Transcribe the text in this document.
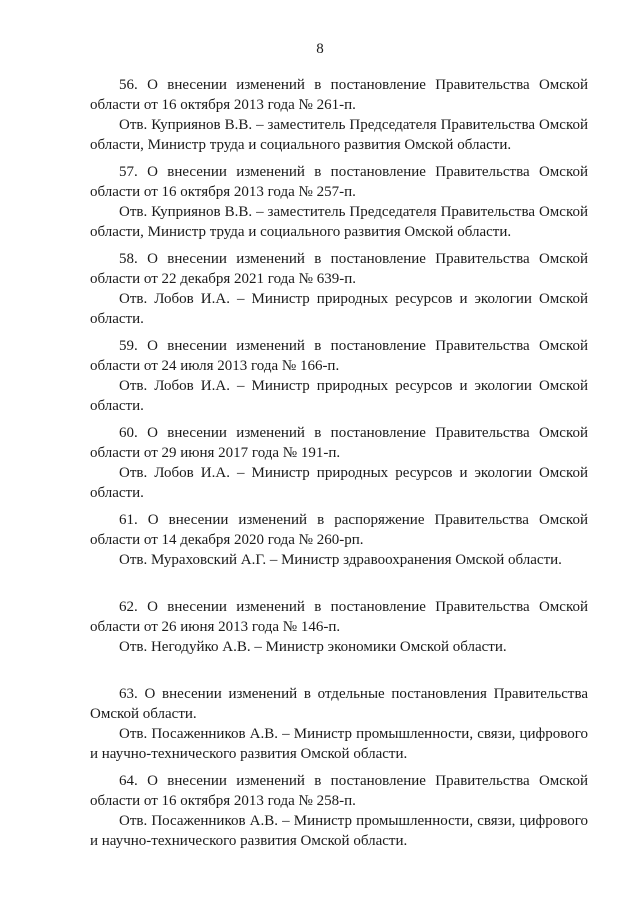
8

56. О внесении изменений в постановление Правительства Омской области от 16 октября 2013 года № 261-п.

Отв. Куприянов В.В. – заместитель Председателя Правительства Омской области, Министр труда и социального развития Омской области.

57. О внесении изменений в постановление Правительства Омской области от 16 октября 2013 года № 257-п.

Отв. Куприянов В.В. – заместитель Председателя Правительства Омской области, Министр труда и социального развития Омской области.

58. О внесении изменений в постановление Правительства Омской области от 22 декабря 2021 года № 639-п.

Отв. Лобов И.А. – Министр природных ресурсов и экологии Омской области.

59. О внесении изменений в постановление Правительства Омской области от 24 июля 2013 года № 166-п.

Отв. Лобов И.А. – Министр природных ресурсов и экологии Омской области.

60. О внесении изменений в постановление Правительства Омской области от 29 июня 2017 года № 191-п.

Отв. Лобов И.А. – Министр природных ресурсов и экологии Омской области.

61. О внесении изменений в распоряжение Правительства Омской области от 14 декабря 2020 года № 260-рп.

Отв. Мураховский А.Г. – Министр здравоохранения Омской области.

62. О внесении изменений в постановление Правительства Омской области от 26 июня 2013 года № 146-п.

Отв. Негодуйко А.В. – Министр экономики Омской области.

63. О внесении изменений в отдельные постановления Правительства Омской области.

Отв. Посаженников А.В. – Министр промышленности, связи, цифрового и научно-технического развития Омской области.

64. О внесении изменений в постановление Правительства Омской области от 16 октября 2013 года № 258-п.

Отв. Посаженников А.В. – Министр промышленности, связи, цифрового и научно-технического развития Омской области.
